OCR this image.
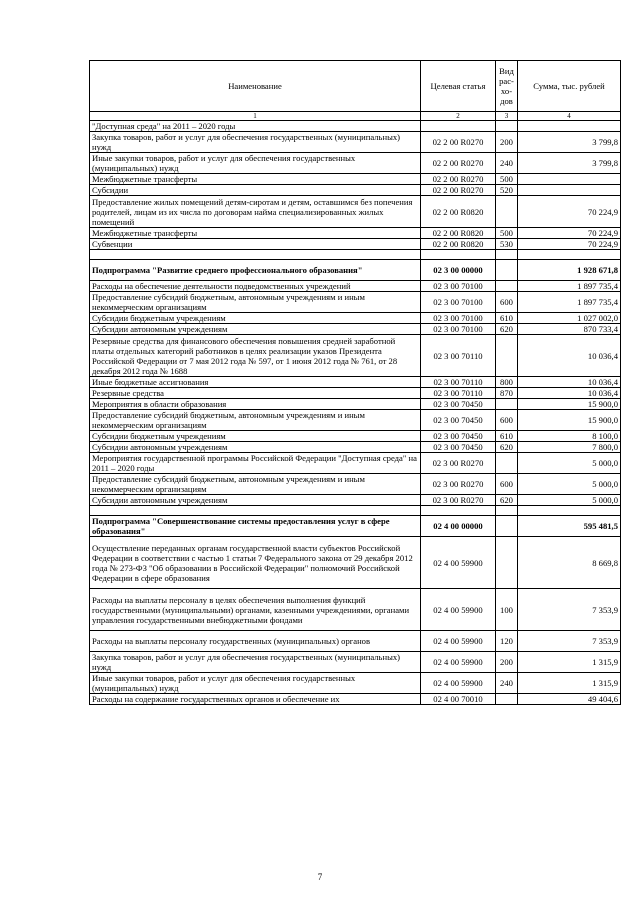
Наименование	Целевая статья	Вид рас-хо-дов	Сумма, тыс. рублей
1	2	3	4
"Доступная среда" на 2011 – 2020 годы			
Закупка товаров, работ и услуг для обеспечения государственных (муниципальных) нужд	02 2 00 R0270	200	3 799,8
Иные закупки товаров, работ и услуг для обеспечения государственных (муниципальных) нужд	02 2 00 R0270	240	3 799,8
Межбюджетные трансферты	02 2 00 R0270	500	
Субсидии	02 2 00 R0270	520	
Предоставление жилых помещений детям-сиротам и детям, оставшимся без попечения родителей, лицам из их числа по договорам найма специализированных жилых помещений	02 2 00 R0820		70 224,9
Межбюджетные трансферты	02 2 00 R0820	500	70 224,9
Субвенции	02 2 00 R0820	530	70 224,9

Подпрограмма "Развитие среднего профессионального образования"	02 3 00 00000		1 928 671,8
Расходы на обеспечение деятельности подведомственных учреждений	02 3 00 70100		1 897 735,4
Предоставление субсидий бюджетным, автономным учреждениям и иным некоммерческим организациям	02 3 00 70100	600	1 897 735,4
Субсидии бюджетным учреждениям	02 3 00 70100	610	1 027 002,0
Субсидии автономным учреждениям	02 3 00 70100	620	870 733,4
Резервные средства для финансового обеспечения повышения средней заработной платы отдельных категорий работников в целях реализации указов Президента Российской Федерации от 7 мая 2012 года № 597, от 1 июня 2012 года № 761, от 28 декабря 2012 года № 1688	02 3 00 70110		10 036,4
Иные бюджетные ассигнования	02 3 00 70110	800	10 036,4
Резервные средства	02 3 00 70110	870	10 036,4
Мероприятия в области образования	02 3 00 70450		15 900,0
Предоставление субсидий бюджетным, автономным учреждениям и иным некоммерческим организациям	02 3 00 70450	600	15 900,0
Субсидии бюджетным учреждениям	02 3 00 70450	610	8 100,0
Субсидии автономным учреждениям	02 3 00 70450	620	7 800,0
Мероприятия государственной программы Российской Федерации "Доступная среда" на 2011 – 2020 годы	02 3 00 R0270		5 000,0
Предоставление субсидий бюджетным, автономным учреждениям и иным некоммерческим организациям	02 3 00 R0270	600	5 000,0
Субсидии автономным учреждениям	02 3 00 R0270	620	5 000,0

Подпрограмма "Совершенствование системы предоставления услуг в сфере образования"	02 4 00 00000		595 481,5
Осуществление переданных органам государственной власти субъектов Российской Федерации в соответствии с частью 1 статьи 7 Федерального закона от 29 декабря 2012 года № 273-ФЗ "Об образовании в Российской Федерации" полномочий Российской Федерации в сфере образования	02 4 00 59900		8 669,8
Расходы на выплаты персоналу в целях обеспечения выполнения функций государственными (муниципальными) органами, казенными учреждениями, органами управления государственными внебюджетными фондами	02 4 00 59900	100	7 353,9
Расходы на выплаты персоналу государственных (муниципальных) органов	02 4 00 59900	120	7 353,9
Закупка товаров, работ и услуг для обеспечения государственных (муниципальных) нужд	02 4 00 59900	200	1 315,9
Иные закупки товаров, работ и услуг для обеспечения государственных (муниципальных) нужд	02 4 00 59900	240	1 315,9
Расходы на содержание государственных органов и обеспечение их	02 4 00 70010		49 404,6
7
